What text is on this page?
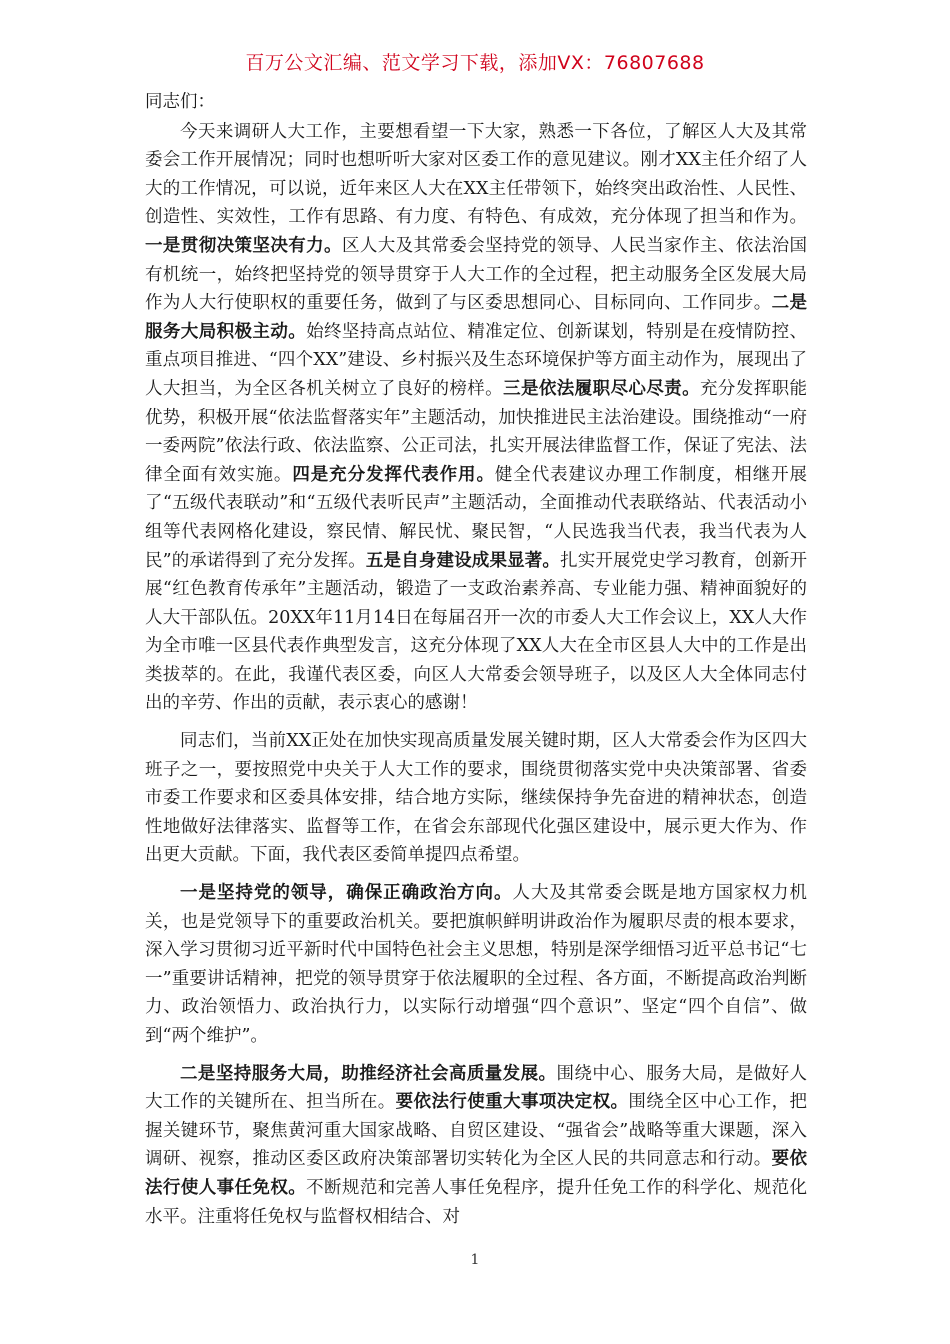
百万公文汇编、范文学习下载，添加VX：76807688

同志们：

今天来调研人大工作，主要想看望一下大家，熟悉一下各位，了解区人大及其常委会工作开展情况；同时也想听听大家对区委工作的意见建议。刚才XX主任介绍了人大的工作情况，可以说，近年来区人大在XX主任带领下，始终突出政治性、人民性、创造性、实效性，工作有思路、有力度、有特色、有成效，充分体现了担当和作为。一是贯彻决策坚决有力。区人大及其常委会坚持党的领导、人民当家作主、依法治国有机统一，始终把坚持党的领导贯穿于人大工作的全过程，把主动服务全区发展大局作为人大行使职权的重要任务，做到了与区委思想同心、目标同向、工作同步。二是服务大局积极主动。始终坚持高点站位、精准定位、创新谋划，特别是在疫情防控、重点项目推进、“四个XX”建设、乡村振兴及生态环境保护等方面主动作为，展现出了人大担当，为全区各机关树立了良好的榜样。三是依法履职尽心尽责。充分发挥职能优势，积极开展“依法监督落实年”主题活动，加快推进民主法治建设。围绕推动“一府一委两院”依法行政、依法监察、公正司法，扎实开展法律监督工作，保证了宪法、法律全面有效实施。四是充分发挥代表作用。健全代表建议办理工作制度，相继开展了“五级代表联动”和“五级代表听民声”主题活动，全面推动代表联络站、代表活动小组等代表网格化建设，察民情、解民忧、聚民智，“人民选我当代表，我当代表为人民”的承诺得到了充分发挥。五是自身建设成果显著。扎实开展党史学习教育，创新开展“红色教育传承年”主题活动，锻造了一支政治素养高、专业能力强、精神面貌好的人大干部队伍。20XX年11月14日在每届召开一次的市委人大工作会议上，XX人大作为全市唯一区县代表作典型发言，这充分体现了XX人大在全市区县人大中的工作是出类拔萃的。在此，我谨代表区委，向区人大常委会领导班子，以及区人大全体同志付出的辛劳、作出的贡献，表示衷心的感谢！

同志们，当前XX正处在加快实现高质量发展关键时期，区人大常委会作为区四大班子之一，要按照党中央关于人大工作的要求，围绕贯彻落实党中央决策部署、省委市委工作要求和区委具体安排，结合地方实际，继续保持争先奋进的精神状态，创造性地做好法律落实、监督等工作，在省会东部现代化强区建设中，展示更大作为、作出更大贡献。下面，我代表区委简单提四点希望。

一是坚持党的领导，确保正确政治方向。人大及其常委会既是地方国家权力机关，也是党领导下的重要政治机关。要把旗帜鲜明讲政治作为履职尽责的根本要求，深入学习贯彻习近平新时代中国特色社会主义思想，特别是深学细悟习近平总书记“七一”重要讲话精神，把党的领导贯穿于依法履职的全过程、各方面，不断提高政治判断力、政治领悟力、政治执行力，以实际行动增强“四个意识”、坚定“四个自信”、做到“两个维护”。

二是坚持服务大局，助推经济社会高质量发展。围绕中心、服务大局，是做好人大工作的关键所在、担当所在。要依法行使重大事项决定权。围绕全区中心工作，把握关键环节，聚焦黄河重大国家战略、自贸区建设、“强省会”战略等重大课题，深入调研、视察，推动区委区政府决策部署切实转化为全区人民的共同意志和行动。要依法行使人事任免权。不断规范和完善人事任免程序，提升任免工作的科学化、规范化水平。注重将任免权与监督权相结合、对

1
